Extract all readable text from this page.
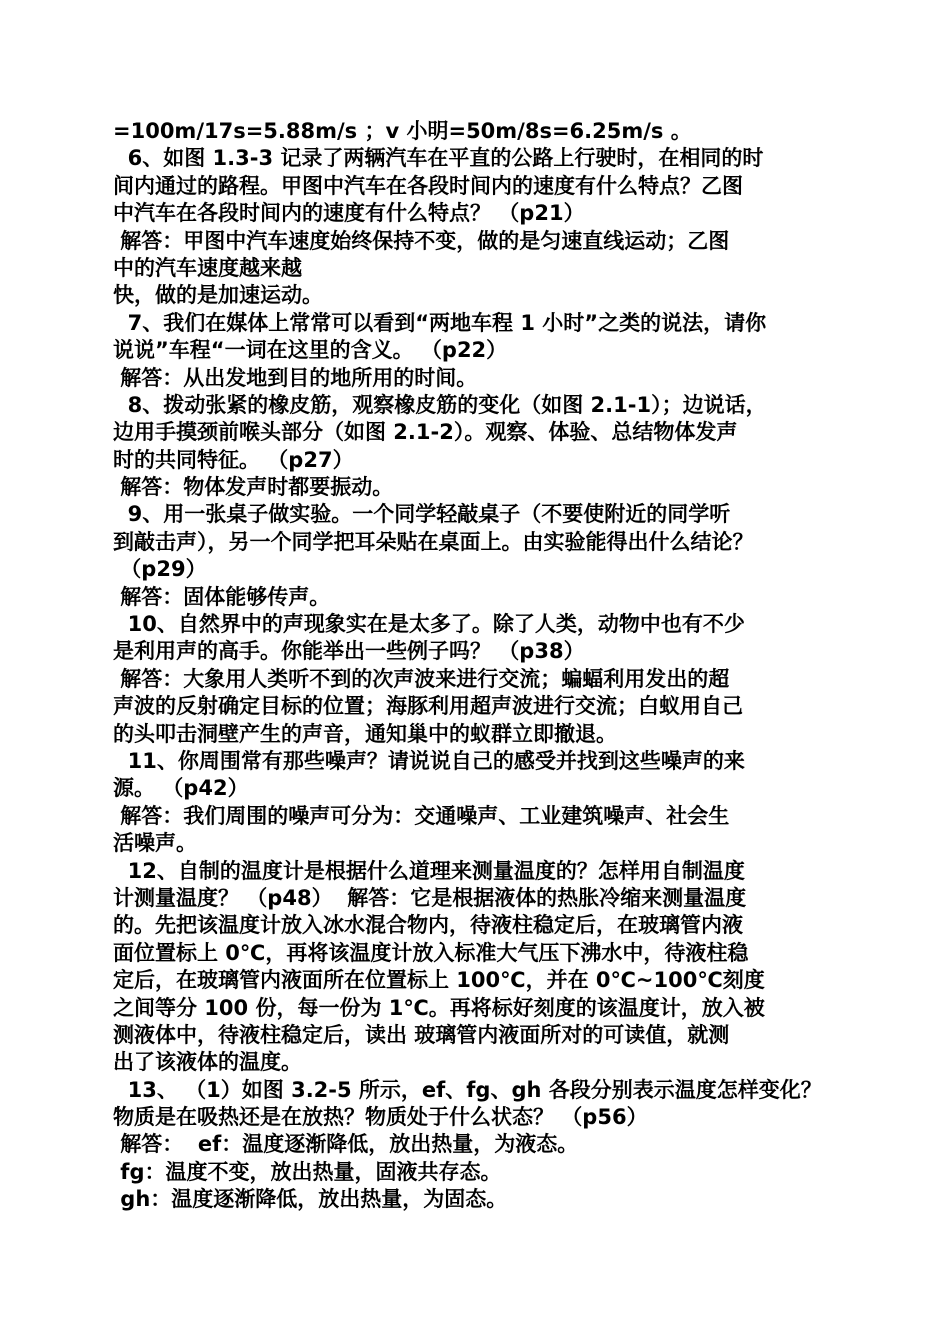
=100m/17s=5.88m/s ；v 小明=50m/8s=6.25m/s 。
6、如图 1.3-3 记录了两辆汽车在平直的公路上行驶时，在相同的时
间内通过的路程。甲图中汽车在各段时间内的速度有什么特点？乙图
中汽车在各段时间内的速度有什么特点？ （p21）
解答：甲图中汽车速度始终保持不变，做的是匀速直线运动；乙图
中的汽车速度越来越
快，做的是加速运动。
7、我们在媒体上常常可以看到“两地车程 1 小时”之类的说法，请你
说说”车程“一词在这里的含义。 （p22）
解答：从出发地到目的地所用的时间。
8、拨动张紧的橡皮筋，观察橡皮筋的变化（如图 2.1-1）；边说话，
边用手摸颈前喉头部分（如图 2.1-2）。观察、体验、总结物体发声
时的共同特征。 （p27）
解答：物体发声时都要振动。
9、用一张桌子做实验。一个同学轻敲桌子（不要使附近的同学听
到敲击声），另一个同学把耳朵贴在桌面上。由实验能得出什么结论？
（p29）
解答：固体能够传声。
10、自然界中的声现象实在是太多了。除了人类，动物中也有不少
是利用声的高手。你能举出一些例子吗？ （p38）
解答：大象用人类听不到的次声波来进行交流；蝙蝠利用发出的超
声波的反射确定目标的位置；海豚利用超声波进行交流；白蚁用自己
的头叩击洞壁产生的声音，通知巢中的蚁群立即撤退。
11、你周围常有那些噪声？请说说自己的感受并找到这些噪声的来
源。 （p42）
解答：我们周围的噪声可分为：交通噪声、工业建筑噪声、社会生
活噪声。
12、自制的温度计是根据什么道理来测量温度的？怎样用自制温度
计测量温度？ （p48）  解答：它是根据液体的热胀冷缩来测量温度
的。先把该温度计放入冰水混合物内，待液柱稳定后，在玻璃管内液
面位置标上 0℃，再将该温度计放入标准大气压下沸水中，待液柱稳
定后，在玻璃管内液面所在位置标上 100℃，并在 0℃~100℃刻度
之间等分 100 份，每一份为 1℃。再将标好刻度的该温度计，放入被
测液体中，待液柱稳定后，读出 玻璃管内液面所对的可读值，就测
出了该液体的温度。
13、 （1）如图 3.2-5 所示，ef、fg、gh 各段分别表示温度怎样变化？
物质是在吸热还是在放热？物质处于什么状态？ （p56）
解答：  ef：温度逐渐降低，放出热量，为液态。
fg：温度不变，放出热量，固液共存态。
gh：温度逐渐降低，放出热量，为固态。
